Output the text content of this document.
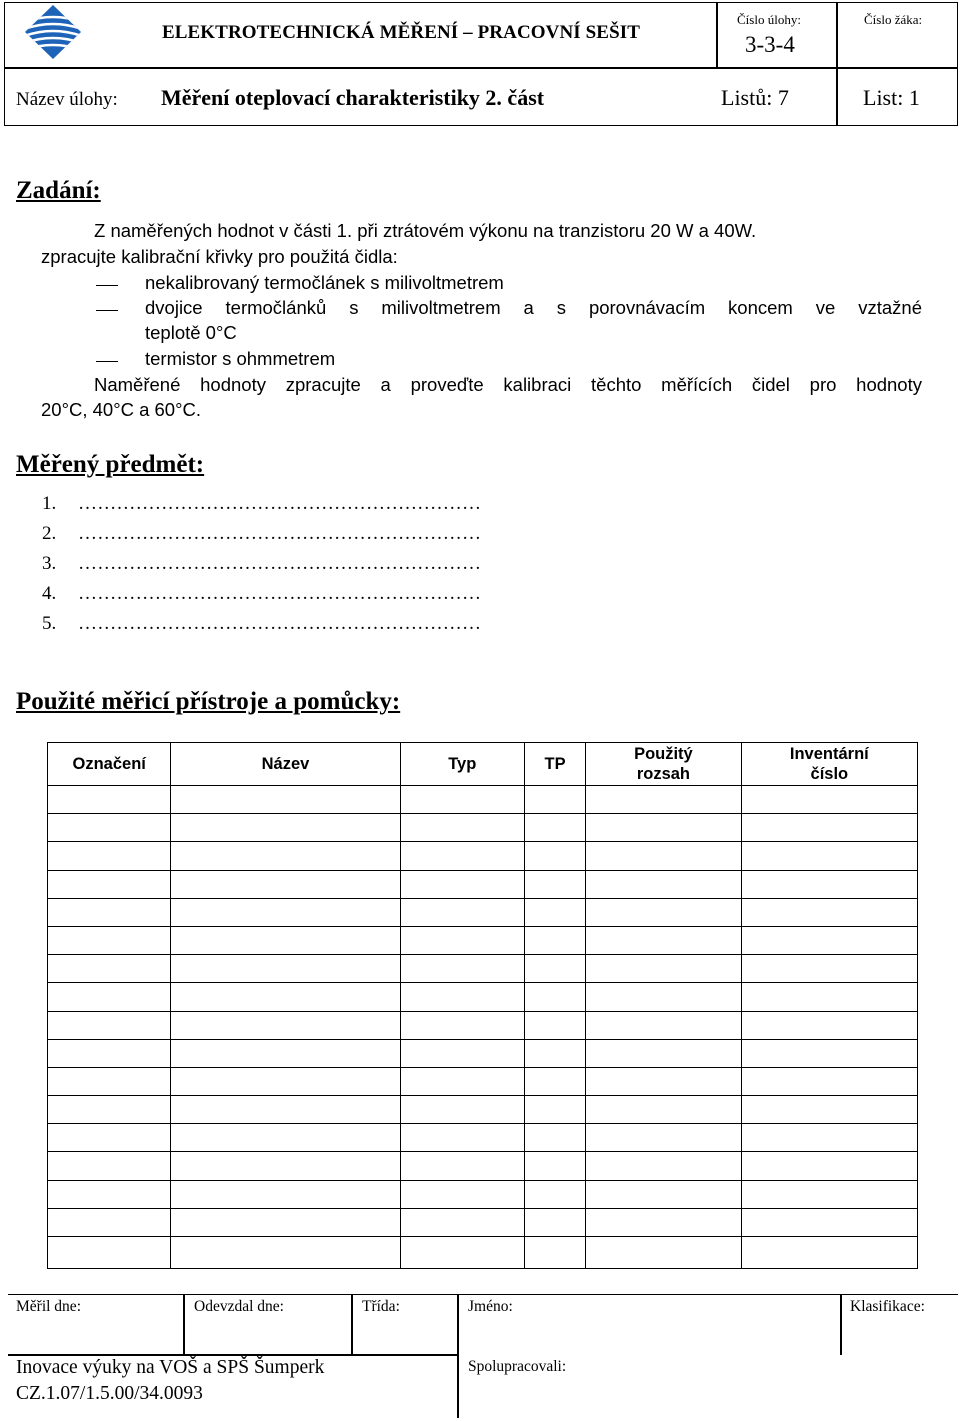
ELEKTROTECHNICKÁ MĚŘENÍ – PRACOVNÍ SEŠIT
Číslo úlohy:
3-3-4
Číslo žáka:
Název úlohy: Měření oteplovací charakteristiky 2. část	Listů: 7	List: 1
Zadání:
Z naměřených hodnot v části 1. při ztrátovém výkonu na tranzistoru 20 W a 40W.
zpracujte kalibrační křivky pro použitá čidla:
nekalibrovaný termočlánek s milivoltmetrem
dvojice termočlánků s milivoltmetrem a s porovnávacím koncem ve vztažné
teplotě 0°C
termistor s ohmmetrem
Naměřené hodnoty zpracujte a proveďte kalibraci těchto měřících čidel pro hodnoty
20°C, 40°C a 60°C.
Měřený předmět:
1. ………………………………………………………
2. ………………………………………………………
3. ………………………………………………………
4. ………………………………………………………
5. ………………………………………………………
Použité měřicí přístroje a pomůcky:
Označení	Název	Typ	TP	Použitý rozsah	Inventární číslo

Měřil dne:	Odevzdal dne:	Třída:	Jméno:	Klasifikace:
Inovace výuky na VOŠ a SPŠ Šumperk
CZ.1.07/1.5.00/34.0093
Spolupracovali:
